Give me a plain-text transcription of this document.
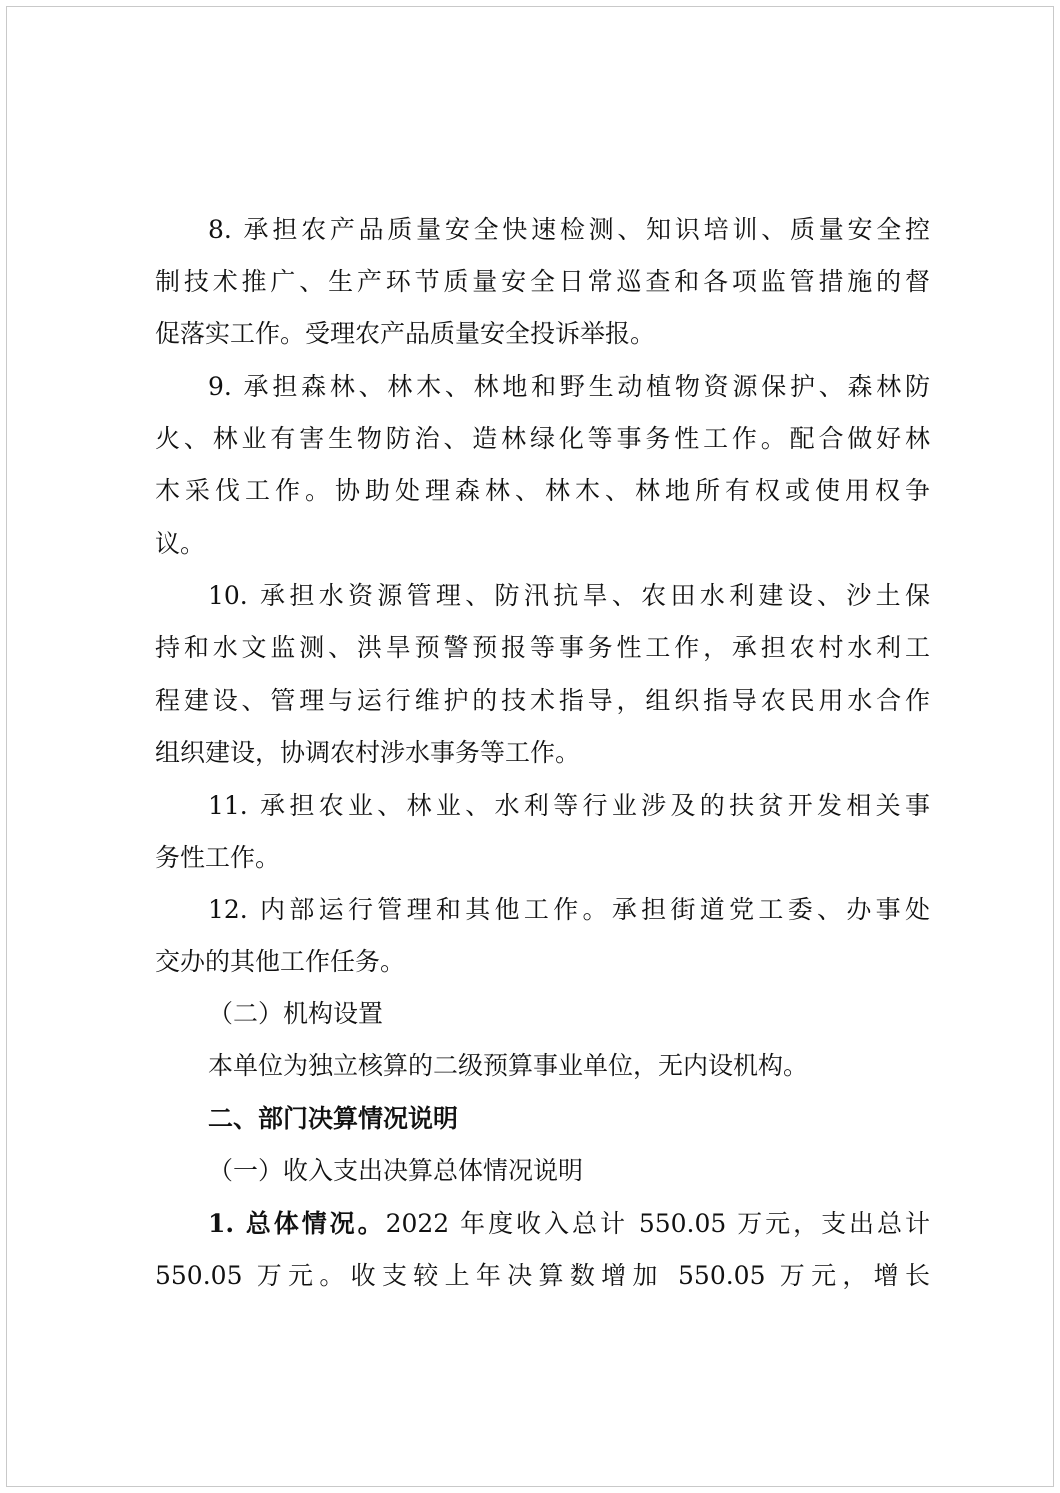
8. 承担农产品质量安全快速检测、知识培训、质量安全控
制技术推广、生产环节质量安全日常巡查和各项监管措施的督
促落实工作。受理农产品质量安全投诉举报。
9. 承担森林、林木、林地和野生动植物资源保护、森林防
火、林业有害生物防治、造林绿化等事务性工作。配合做好林
木采伐工作。协助处理森林、林木、林地所有权或使用权争
议。
10. 承担水资源管理、防汛抗旱、农田水利建设、沙土保
持和水文监测、洪旱预警预报等事务性工作，承担农村水利工
程建设、管理与运行维护的技术指导，组织指导农民用水合作
组织建设，协调农村涉水事务等工作。
11. 承担农业、林业、水利等行业涉及的扶贫开发相关事
务性工作。
12. 内部运行管理和其他工作。承担街道党工委、办事处
交办的其他工作任务。
（二）机构设置
本单位为独立核算的二级预算事业单位，无内设机构。
二、部门决算情况说明
（一）收入支出决算总体情况说明
1. 总体情况。2022 年度收入总计 550.05 万元，支出总计
550.05 万元。收支较上年决算数增加 550.05 万元，增长
